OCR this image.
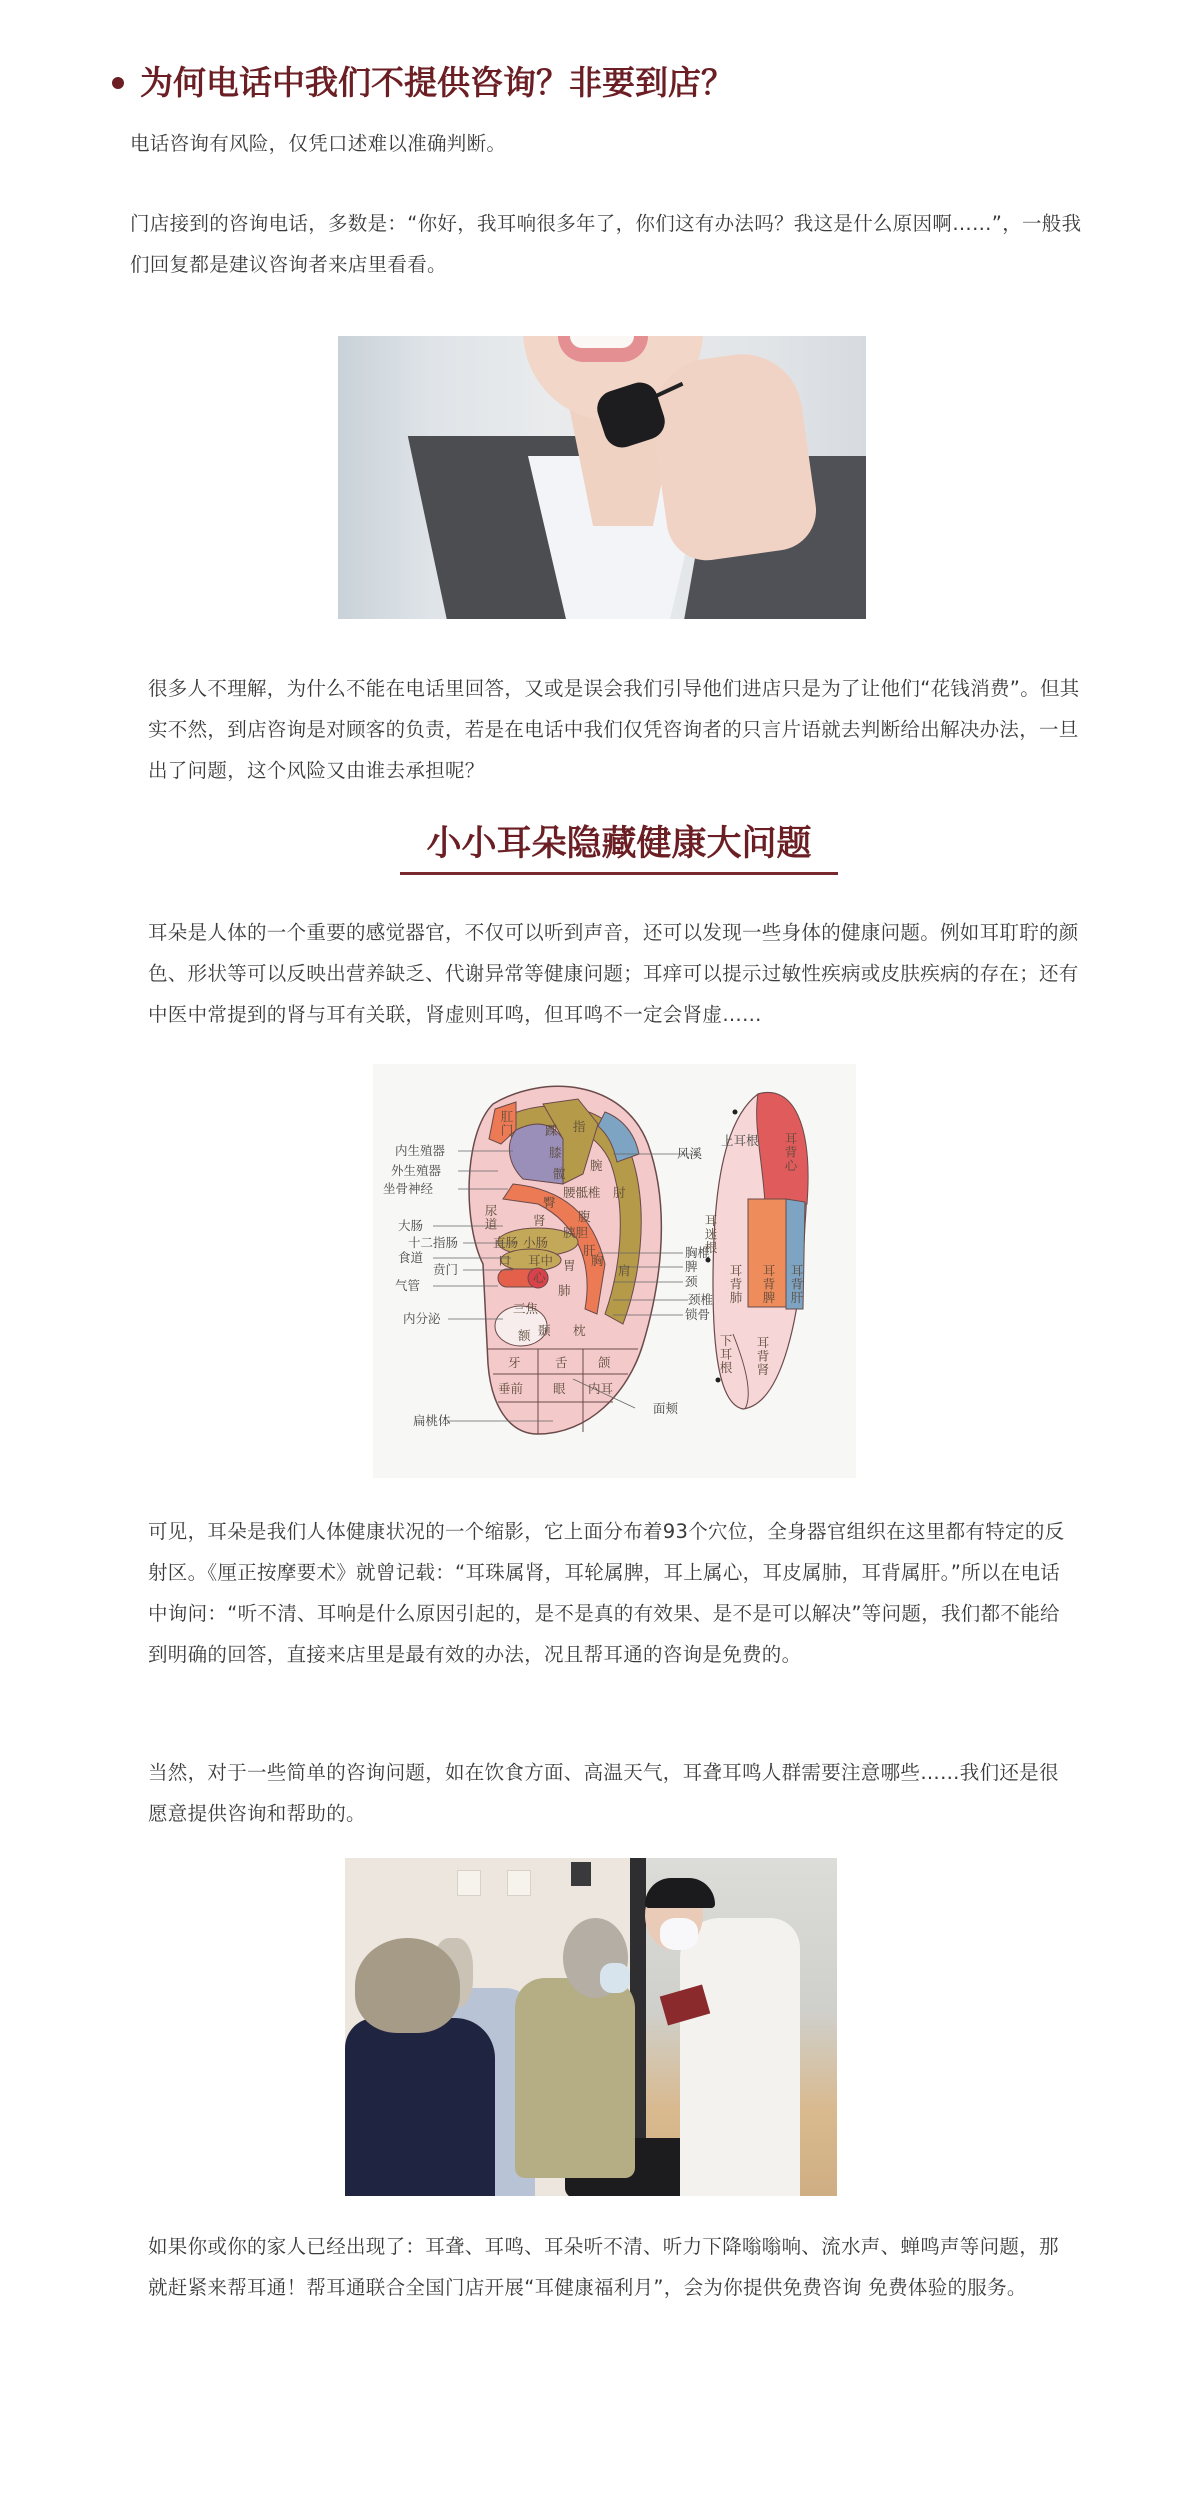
为何电话中我们不提供咨询？非要到店？

电话咨询有风险，仅凭口述难以准确判断。

门店接到的咨询电话，多数是：“你好，我耳响很多年了，你们这有办法吗？我这是什么原因啊……”，一般我们回复都是建议咨询者来店里看看。

很多人不理解，为什么不能在电话里回答，又或是误会我们引导他们进店只是为了让他们“花钱消费”。但其实不然，到店咨询是对顾客的负责，若是在电话中我们仅凭咨询者的只言片语就去判断给出解决办法，一旦出了问题，这个风险又由谁去承担呢？

小小耳朵隐藏健康大问题

耳朵是人体的一个重要的感觉器官，不仅可以听到声音，还可以发现一些身体的健康问题。例如耳耵聍的颜色、形状等可以反映出营养缺乏、代谢异常等健康问题；耳痒可以提示过敏性疾病或皮肤疾病的存在；还有中医中常提到的肾与耳有关联，肾虚则耳鸣，但耳鸣不一定会肾虚……

内生殖器
外生殖器
坐骨神经
大肠
十二指肠
食道
贲门
气管
内分泌
扁桃体
风溪
胸椎
脾
颈
颈椎
锁骨
面颊
肛门 踝 指
膝
髋
腕
腰骶椎 肘
臀
腹
尿道	肾
胰胆
直肠 小肠
肝
口 耳中 胃 胸
肩
心
肺
三焦
额 颞 枕
牙	舌 颌
垂前 眼 内耳
上耳根 耳背心
耳迷根
耳背肺 耳背脾 耳背肝
下耳根 耳背肾

可见，耳朵是我们人体健康状况的一个缩影，它上面分布着93个穴位，全身器官组织在这里都有特定的反射区。《厘正按摩要术》就曾记载：“耳珠属肾，耳轮属脾，耳上属心，耳皮属肺，耳背属肝。”所以在电话中询问：“听不清、耳响是什么原因引起的，是不是真的有效果、是不是可以解决”等问题，我们都不能给到明确的回答，直接来店里是最有效的办法，况且帮耳通的咨询是免费的。

当然，对于一些简单的咨询问题，如在饮食方面、高温天气，耳聋耳鸣人群需要注意哪些……我们还是很愿意提供咨询和帮助的。

如果你或你的家人已经出现了：耳聋、耳鸣、耳朵听不清、听力下降嗡嗡响、流水声、蝉鸣声等问题，那就赶紧来帮耳通！帮耳通联合全国门店开展“耳健康福利月”，会为你提供免费咨询 免费体验的服务。
